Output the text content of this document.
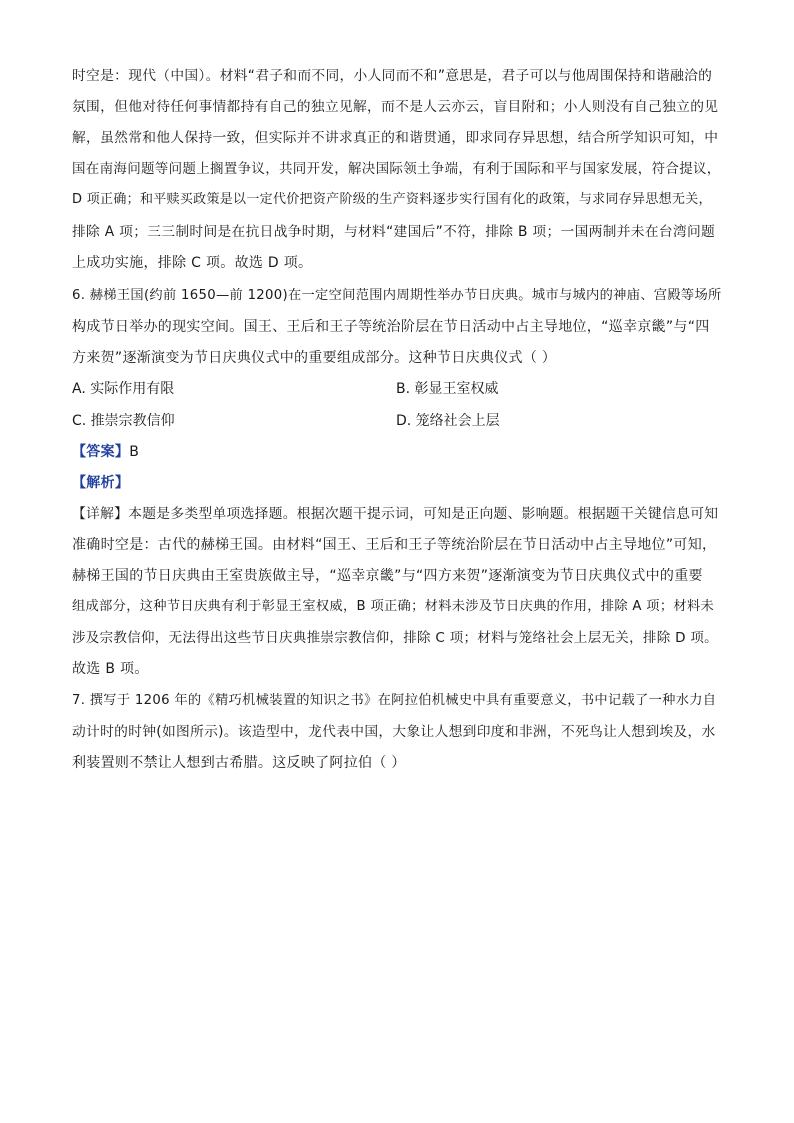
时空是：现代（中国）。材料“君子和而不同，小人同而不和”意思是，君子可以与他周围保持和谐融洽的
氛围，但他对待任何事情都持有自己的独立见解，而不是人云亦云，盲目附和；小人则没有自己独立的见
解，虽然常和他人保持一致，但实际并不讲求真正的和谐贯通，即求同存异思想，结合所学知识可知，中
国在南海问题等问题上搁置争议，共同开发，解决国际领土争端，有利于国际和平与国家发展，符合提议，
D 项正确；和平赎买政策是以一定代价把资产阶级的生产资料逐步实行国有化的政策，与求同存异思想无关，
排除 A 项；三三制时间是在抗日战争时期，与材料“建国后”不符，排除 B 项；一国两制并未在台湾问题
上成功实施，排除 C 项。故选 D 项。
6. 赫梯王国(约前 1650—前 1200)在一定空间范围内周期性举办节日庆典。城市与城内的神庙、宫殿等场所
构成节日举办的现实空间。国王、王后和王子等统治阶层在节日活动中占主导地位，“巡幸京畿”与“四
方来贺”逐渐演变为节日庆典仪式中的重要组成部分。这种节日庆典仪式（ ）
A. 实际作用有限	B. 彰显王室权威
C. 推崇宗教信仰	D. 笼络社会上层
【答案】B
【解析】
【详解】本题是多类型单项选择题。根据次题干提示词，可知是正向题、影响题。根据题干关键信息可知
准确时空是：古代的赫梯王国。由材料“国王、王后和王子等统治阶层在节日活动中占主导地位”可知，
赫梯王国的节日庆典由王室贵族做主导，“巡幸京畿”与“四方来贺”逐渐演变为节日庆典仪式中的重要
组成部分，这种节日庆典有利于彰显王室权威，B 项正确；材料未涉及节日庆典的作用，排除 A 项；材料未
涉及宗教信仰，无法得出这些节日庆典推崇宗教信仰，排除 C 项；材料与笼络社会上层无关，排除 D 项。
故选 B 项。
7. 撰写于 1206 年的《精巧机械装置的知识之书》在阿拉伯机械史中具有重要意义，书中记载了一种水力自
动计时的时钟(如图所示)。该造型中，龙代表中国，大象让人想到印度和非洲，不死鸟让人想到埃及，水
利装置则不禁让人想到古希腊。这反映了阿拉伯（ ）
